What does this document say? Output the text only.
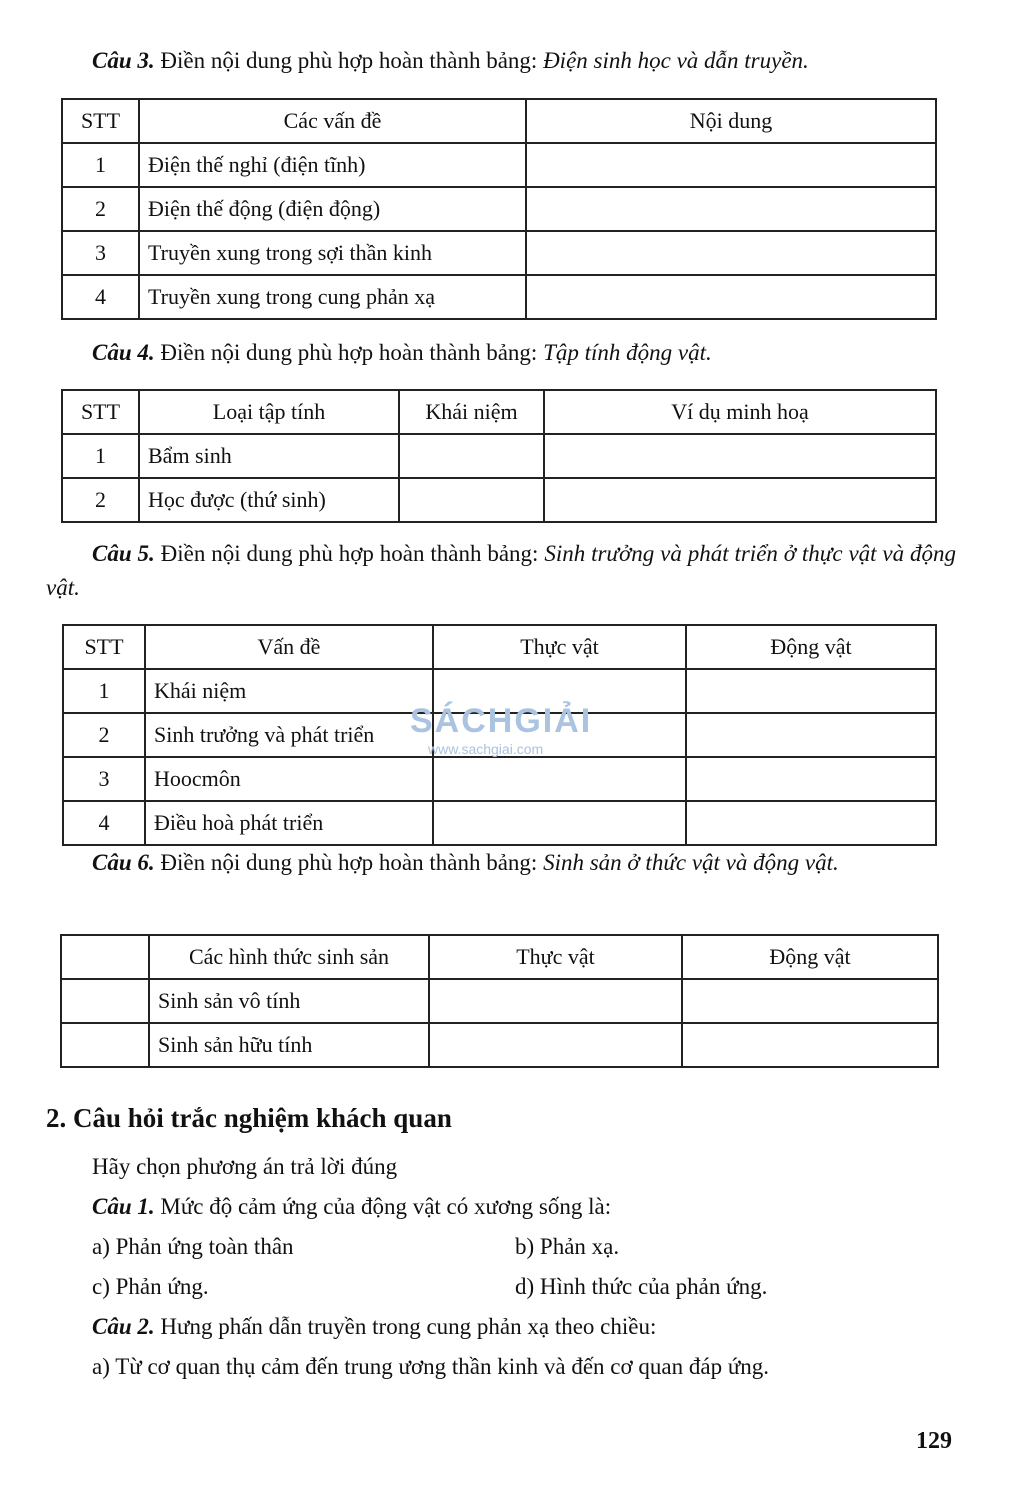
Câu 3. Điền nội dung phù hợp hoàn thành bảng: Điện sinh học và dẫn truyền.
STT	Các vấn đề	Nội dung
1	Điện thế nghỉ (điện tĩnh)	
2	Điện thế động (điện động)	
3	Truyền xung trong sợi thần kinh	
4	Truyền xung trong cung phản xạ	
Câu 4. Điền nội dung phù hợp hoàn thành bảng: Tập tính động vật.
STT	Loại tập tính	Khái niệm	Ví dụ minh hoạ
1	Bẩm sinh		
2	Học được (thứ sinh)		
Câu 5. Điền nội dung phù hợp hoàn thành bảng: Sinh trưởng và phát triển ở thực vật và động vật.
STT	Vấn đề	Thực vật	Động vật
1	Khái niệm		
2	Sinh trưởng và phát triển		
3	Hoocmôn		
4	Điều hoà phát triển		
SÁCHGIẢI
www.sachgiai.com
Câu 6. Điền nội dung phù hợp hoàn thành bảng: Sinh sản ở thức vật và động vật.
	Các hình thức sinh sản	Thực vật	Động vật
	Sinh sản vô tính		
	Sinh sản hữu tính		
2. Câu hỏi trắc nghiệm khách quan
Hãy chọn phương án trả lời đúng
Câu 1. Mức độ cảm ứng của động vật có xương sống là:
a) Phản ứng toàn thân	b) Phản xạ.
c) Phản ứng.	d) Hình thức của phản ứng.
Câu 2. Hưng phấn dẫn truyền trong cung phản xạ theo chiều:
a) Từ cơ quan thụ cảm đến trung ương thần kinh và đến cơ quan đáp ứng.
129
